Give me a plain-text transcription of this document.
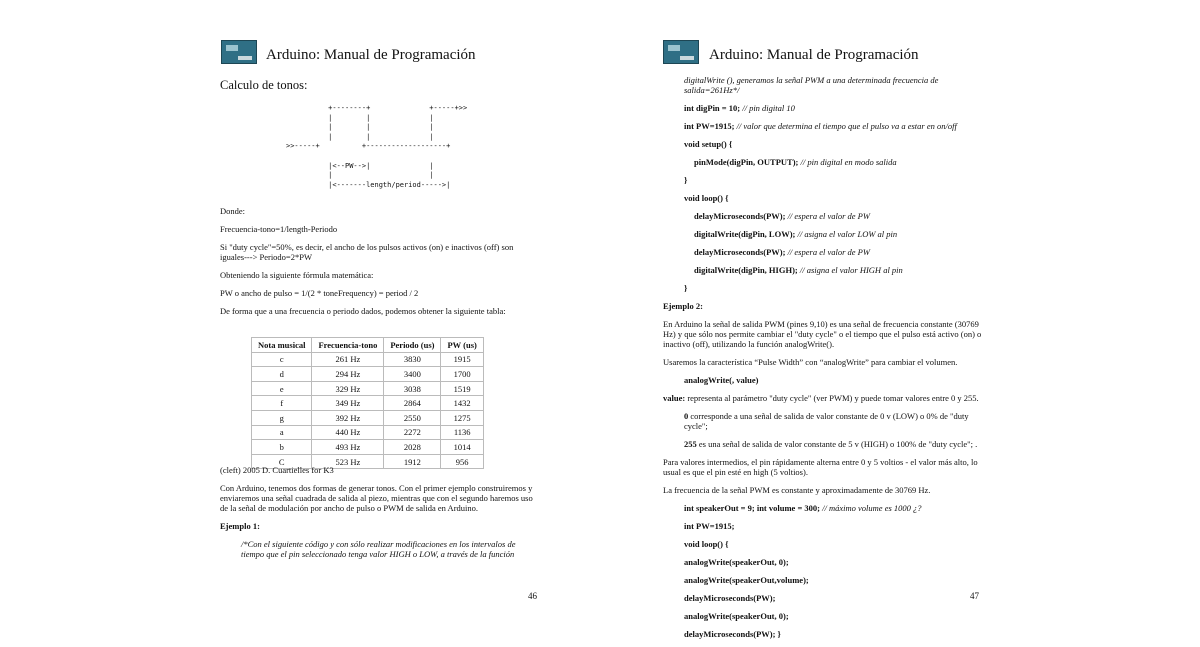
Arduino: Manual de Programación
Calculo de tonos:
+--------+              +-----+>>
|        |              |
|        |              |
|        |              |
>>-----+          +-------------------+

|<--PW-->|              |
|                       |
|<-------length/period----->|

Donde:

Frecuencia-tono=1/length-Periodo

Si "duty cycle"=50%, es decir, el ancho de los pulsos activos (on) e inactivos (off) son iguales---> Periodo=2*PW

Obteniendo la siguiente fórmula matemática:

PW o ancho de pulso = 1/(2 * toneFrequency) = period / 2

De forma que a una frecuencia o periodo dados, podemos obtener la siguiente tabla:

Nota musical	Frecuencia-tono	Periodo (us)	PW (us)
c	261 Hz	3830	1915
d	294 Hz	3400	1700
e	329 Hz	3038	1519
f	349 Hz	2864	1432
g	392 Hz	2550	1275
a	440 Hz	2272	1136
b	493 Hz	2028	1014
C	523 Hz	1912	956

(cleft) 2005 D. Cuartielles for K3

Con Arduino, tenemos dos formas de generar tonos. Con el primer ejemplo construiremos y enviaremos una señal cuadrada de salida al piezo, mientras que con el segundo haremos uso de la señal de modulación por ancho de pulso o PWM de salida en Arduino.

Ejemplo 1:

/*Con el siguiente código y con sólo realizar modificaciones en los intervalos de tiempo que el pin seleccionado tenga valor HIGH o LOW, a través de la función

46
Arduino: Manual de Programación

digitalWrite (), generamos la señal PWM a una determinada frecuencia de salida=261Hz*/

int digPin = 10; // pin digital 10

int PW=1915; // valor que determina el tiempo que el pulso va a estar en on/off

void setup() {

pinMode(digPin, OUTPUT); // pin digital en modo salida

}

void loop() {

delayMicroseconds(PW); // espera el valor de PW

digitalWrite(digPin, LOW); // asigna el valor LOW al pin

delayMicroseconds(PW); // espera el valor de PW

digitalWrite(digPin, HIGH); // asigna el valor HIGH al pin

}

Ejemplo 2:

En Arduino la señal de salida PWM (pines 9,10) es una señal de frecuencia constante (30769 Hz) y que sólo nos permite cambiar el "duty cycle" o el tiempo que el pulso está activo (on) o inactivo (off), utilizando la función analogWrite().

Usaremos la característica “Pulse Width” con “analogWrite” para cambiar el volumen.

analogWrite(, value)

value: representa al parámetro "duty cycle" (ver PWM) y puede tomar valores entre 0 y 255.

0 corresponde a una señal de salida de valor constante de 0 v (LOW) o 0% de "duty cycle";

255 es una señal de salida de valor constante de 5 v (HIGH) o 100% de "duty cycle"; .

Para valores intermedios, el pin rápidamente alterna entre 0 y 5 voltios - el valor más alto, lo usual es que el pin esté en high (5 voltios).

La frecuencia de la señal PWM es constante y aproximadamente de 30769 Hz.

int speakerOut = 9; int volume = 300; // máximo volume es 1000 ¿?

int PW=1915;

void loop() {

analogWrite(speakerOut, 0);

analogWrite(speakerOut,volume);

delayMicroseconds(PW);

analogWrite(speakerOut, 0);

delayMicroseconds(PW); }

47
